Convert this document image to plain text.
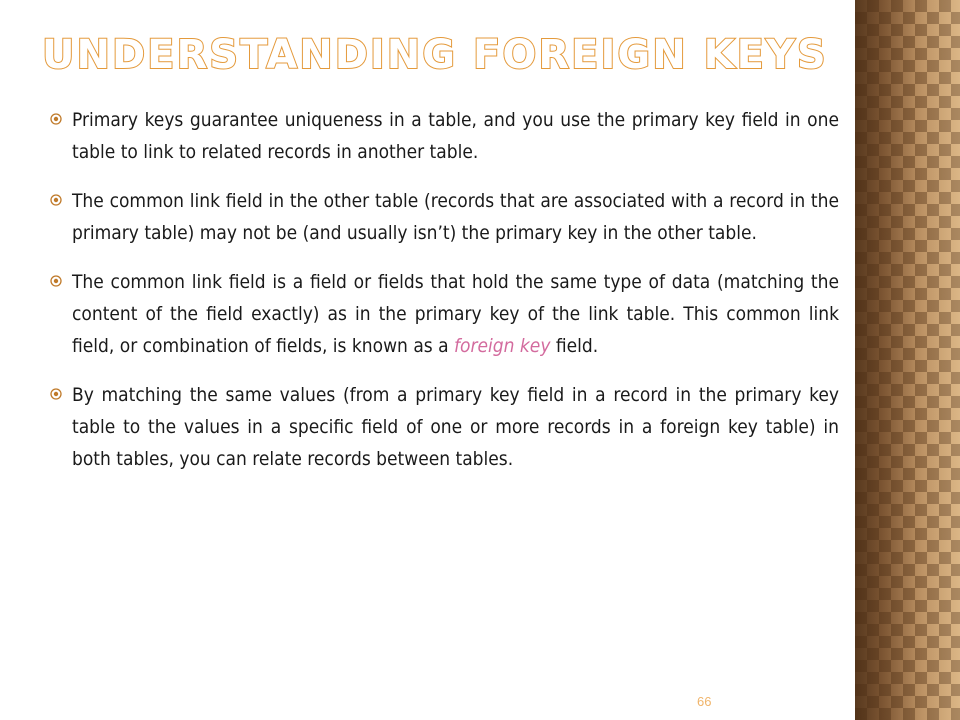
UNDERSTANDING FOREIGN KEYS
Primary keys guarantee uniqueness in a table, and you use the primary key field in one table to link to related records in another table.
The common link field in the other table (records that are associated with a record in the primary table) may not be (and usually isn’t) the primary key in the other table.
The common link field is a field or fields that hold the same type of data (matching the content of the field exactly) as in the primary key of the link table. This common link field, or combination of fields, is known as a foreign key field.
By matching the same values (from a primary key field in a record in the primary key table to the values in a specific field of one or more records in a foreign key table) in both tables, you can relate records between tables.
66
